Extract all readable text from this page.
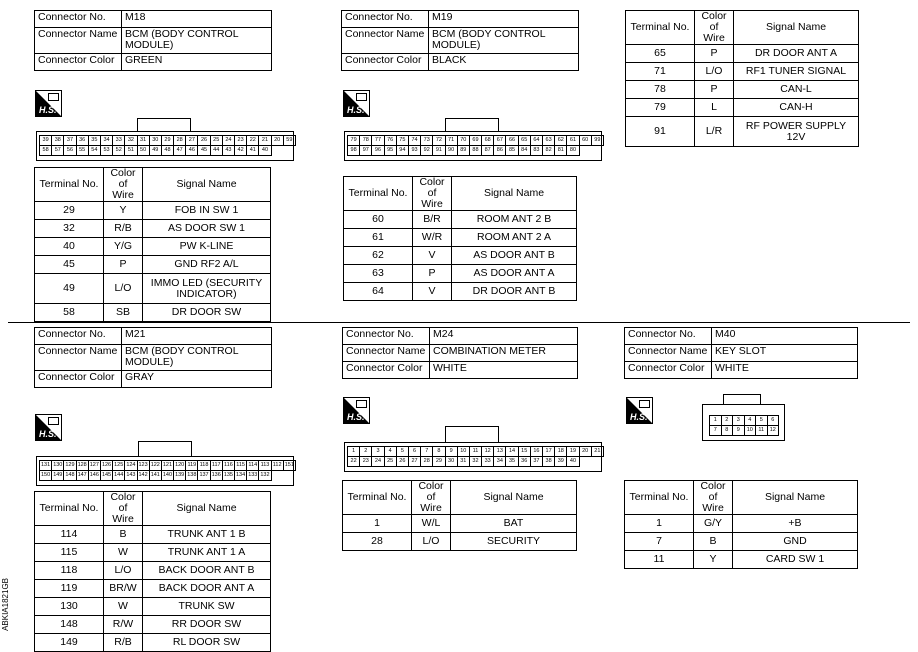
Connector No.	M18
Connector Name	BCM (BODY CONTROL MODULE)
Connector Color	GREEN
H.S.
39	38	37	36	35	34	33	32	31	30	29	28	27	26	25	24	23	22	21	20	59
58	57	56	55	54	53	52	51	50	49	48	47	46	45	44	43	42	41	40
Terminal No.	Color of Wire	Signal Name
29	Y	FOB IN SW 1
32	R/B	AS DOOR SW 1
40	Y/G	PW K-LINE
45	P	GND RF2 A/L
49	L/O	IMMO LED (SECURITY INDICATOR)
58	SB	DR DOOR SW
Connector No.	M19
Connector Name	BCM (BODY CONTROL MODULE)
Connector Color	BLACK
H.S.
79	78	77	76	75	74	73	72	71	70	69	68	67	66	65	64	63	62	61	60	99
98	97	96	95	94	93	92	91	90	89	88	87	86	85	84	83	82	81	80
Terminal No.	Color of Wire	Signal Name
60	B/R	ROOM ANT 2 B
61	W/R	ROOM ANT 2 A
62	V	AS DOOR ANT B
63	P	AS DOOR ANT A
64	V	DR DOOR ANT B
Terminal No.	Color of Wire	Signal Name
65	P	DR DOOR ANT A
71	L/O	RF1 TUNER SIGNAL
78	P	CAN-L
79	L	CAN-H
91	L/R	RF POWER SUPPLY 12V
Connector No.	M21
Connector Name	BCM (BODY CONTROL MODULE)
Connector Color	GRAY
H.S.
131 130 129 128 127 126 125 124 123 122 121 120 119 118 117 116 115 114 113 112 151
150 149 148 147 146 145 144 143 142 141 140 139 138 137 136 135 134 133 132
Terminal No.	Color of Wire	Signal Name
114	B	TRUNK ANT 1 B
115	W	TRUNK ANT 1 A
118	L/O	BACK DOOR ANT B
119	BR/W	BACK DOOR ANT A
130	W	TRUNK SW
148	R/W	RR DOOR SW
149	R/B	RL DOOR SW
ABKIA1821GB
Connector No.	M24
Connector Name	COMBINATION METER
Connector Color	WHITE
H.S.
1	2	3	4	5	6	7	8	9	10	11	12	13	14	15	16	17	18	19	20	21
22	23	24	25	26	27	28	29	30	31	32	33	34	35	36	37	38	39	40
Terminal No.	Color of Wire	Signal Name
1	W/L	BAT
28	L/O	SECURITY
Connector No.	M40
Connector Name	KEY SLOT
Connector Color	WHITE
H.S.	1	2	3	4	5	6
7	8	9	10	11	12
Terminal No.	Color of Wire	Signal Name
1	G/Y	+B
7	B	GND
11	Y	CARD SW 1
